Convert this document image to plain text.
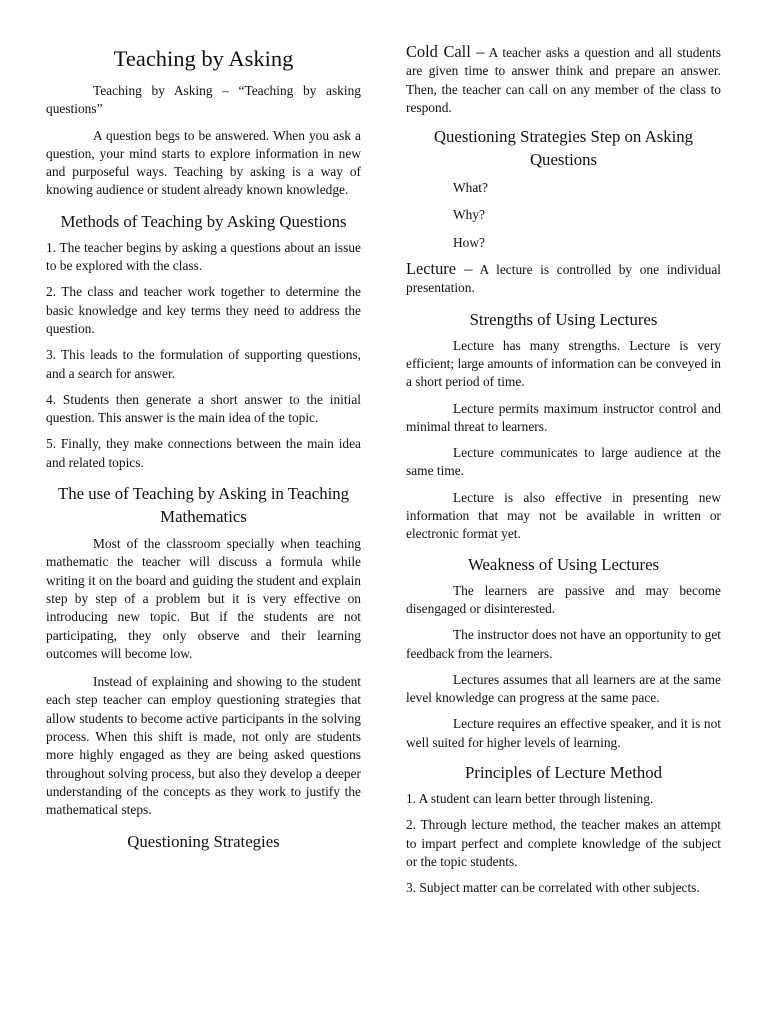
Teaching by Asking

Teaching by Asking – “Teaching by asking questions”

A question begs to be answered. When you ask a question, your mind starts to explore information in new and purposeful ways. Teaching by asking is a way of knowing audience or student already known knowledge.

Methods of Teaching by Asking Questions

1. The teacher begins by asking a questions about an issue to be explored with the class.

2. The class and teacher work together to determine the basic knowledge and key terms they need to address the question.

3. This leads to the formulation of supporting questions, and a search for answer.

4. Students then generate a short answer to the initial question. This answer is the main idea of the topic.

5. Finally, they make connections between the main idea and related topics.

The use of Teaching by Asking in Teaching Mathematics

Most of the classroom specially when teaching mathematic the teacher will discuss a formula while writing it on the board and guiding the student and explain step by step of a problem but it is very effective on introducing new topic. But if the students are not participating, they only observe and their learning outcomes will become low.

Instead of explaining and showing to the student each step teacher can employ questioning strategies that allow students to become active participants in the solving process. When this shift is made, not only are students more highly engaged as they are being asked questions throughout solving process, but also they develop a deeper understanding of the concepts as they work to justify the mathematical steps.

Questioning Strategies

Cold Call – A teacher asks a question and all students are given time to answer think and prepare an answer. Then, the teacher can call on any member of the class to respond.

Questioning Strategies Step on Asking Questions

What?

Why?

How?

Lecture – A lecture is controlled by one individual presentation.

Strengths of Using Lectures

Lecture has many strengths. Lecture is very efficient; large amounts of information can be conveyed in a short period of time.

Lecture permits maximum instructor control and minimal threat to learners.

Lecture communicates to large audience at the same time.

Lecture is also effective in presenting new information that may not be available in written or electronic format yet.

Weakness of Using Lectures

The learners are passive and may become disengaged or disinterested.

The instructor does not have an opportunity to get feedback from the learners.

Lectures assumes that all learners are at the same level knowledge can progress at the same pace.

Lecture requires an effective speaker, and it is not well suited for higher levels of learning.

Principles of Lecture Method

1. A student can learn better through listening.

2. Through lecture method, the teacher makes an attempt to impart perfect and complete knowledge of the subject or the topic students.

3. Subject matter can be correlated with other subjects.
